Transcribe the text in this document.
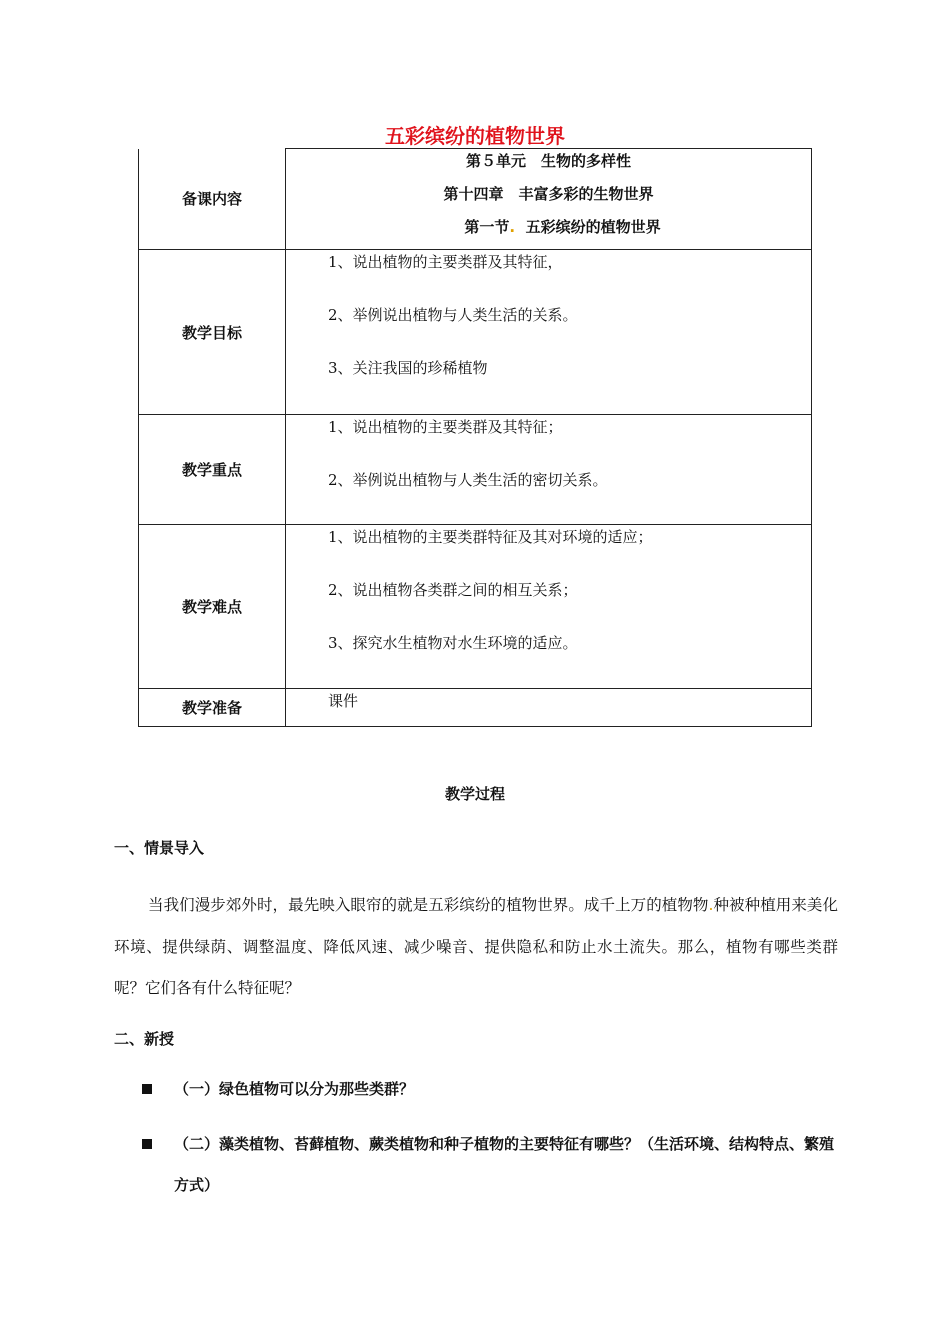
五彩缤纷的植物世界
备课内容	第５单元　生物的多样性
第十四章　丰富多彩的生物世界
第一节. 五彩缤纷的植物世界

教学目标	1、说出植物的主要类群及其特征，
2、举例说出植物与人类生活的关系。
3、关注我国的珍稀植物

教学重点	1、说出植物的主要类群及其特征；
2、举例说出植物与人类生活的密切关系。

教学难点	1、说出植物的主要类群特征及其对环境的适应；
2、说出植物各类群之间的相互关系；
3、探究水生植物对水生环境的适应。

教学准备	课件
教学过程
一、情景导入
当我们漫步郊外时，最先映入眼帘的就是五彩缤纷的植物世界。成千上万的植物物.种被种植用来美化环境、提供绿荫、调整温度、降低风速、减少噪音、提供隐私和防止水土流失。那么，植物有哪些类群呢？它们各有什么特征呢？
二、新授
（一）绿色植物可以分为那些类群？
（二）藻类植物、苔藓植物、蕨类植物和种子植物的主要特征有哪些？（生活环境、结构特点、繁殖方式）
